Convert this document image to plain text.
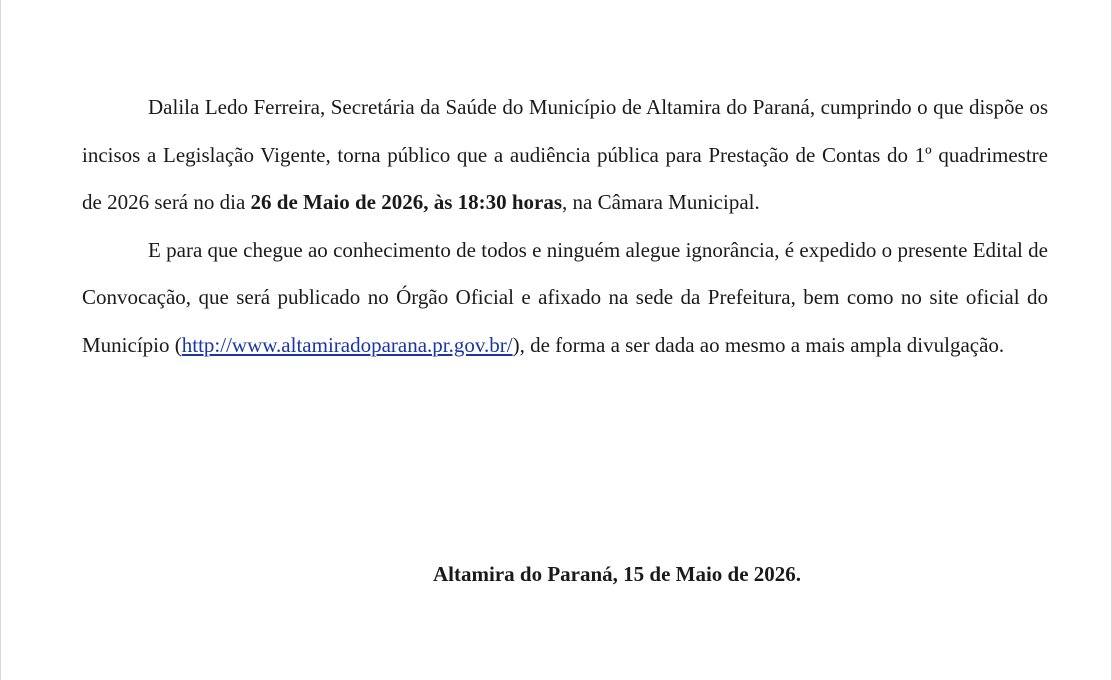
Dalila Ledo Ferreira, Secretária da Saúde do Município de Altamira do Paraná, cumprindo o que dispõe os incisos a Legislação Vigente, torna público que a audiência pública para Prestação de Contas do 1º quadrimestre de 2026 será no dia 26 de Maio de 2026, às 18:30 horas, na Câmara Municipal.

E para que chegue ao conhecimento de todos e ninguém alegue ignorância, é expedido o presente Edital de Convocação, que será publicado no Órgão Oficial e afixado na sede da Prefeitura, bem como no site oficial do Município (http://www.altamiradoparana.pr.gov.br/), de forma a ser dada ao mesmo a mais ampla divulgação.

Altamira do Paraná, 15 de Maio de 2026.
